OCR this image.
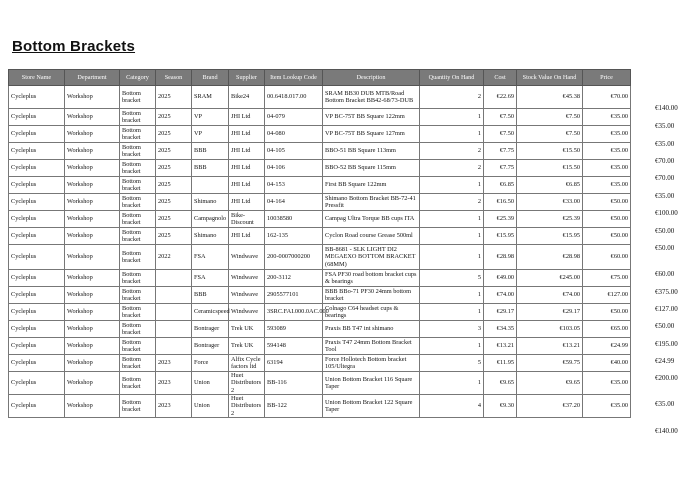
Bottom Brackets
Store Name	Department	Category	Season	Brand	Supplier	Item Lookup Code	Description	Quantity On Hand	Cost	Stock Value On Hand	Price
Cycleplus	Workshop	Bottom bracket	2025	SRAM	Bike24	00.6418.017.00	SRAM BB30 DUB MTB/Road Bottom Bracket BB42-68/73-DUB	2	€22.69	€45.38	€70.00
Cycleplus	Workshop	Bottom bracket	2025	VP	JHI Ltd	04-079	VP BC-75T BB Square 122mm	1	€7.50	€7.50	€35.00
Cycleplus	Workshop	Bottom bracket	2025	VP	JHI Ltd	04-080	VP BC-75T BB Square 127mm	1	€7.50	€7.50	€35.00
Cycleplus	Workshop	Bottom bracket	2025	BBB	JHI Ltd	04-105	BBO-51 BB Square 113mm	2	€7.75	€15.50	€35.00
Cycleplus	Workshop	Bottom bracket	2025	BBB	JHI Ltd	04-106	BBO-52 BB Square 115mm	2	€7.75	€15.50	€35.00
Cycleplus	Workshop	Bottom bracket	2025		JHI Ltd	04-153	First BB Square 122mm	1	€6.85	€6.85	€35.00
Cycleplus	Workshop	Bottom bracket	2025	Shimano	JHI Ltd	04-164	Shimano Bottom Bracket BB-72-41 Pressfit	2	€16.50	€33.00	€50.00
Cycleplus	Workshop	Bottom bracket	2025	Campagnolo	Bike-Discount	10038580	Campag Ultra Torque BB cups ITA	1	€25.39	€25.39	€50.00
Cycleplus	Workshop	Bottom bracket	2025	Shimano	JHI Ltd	162-135	Cyclon Road course Grease 500ml	1	€15.95	€15.95	€50.00
Cycleplus	Workshop	Bottom bracket	2022	FSA	Windwave	200-0007000200	BB-8681 - SLK LIGHT DI2 MEGAEXO BOTTOM BRACKET (68MM)	1	€28.98	€28.98	€60.00
Cycleplus	Workshop	Bottom bracket		FSA	Windwave	200-3112	FSA PF30 road bottom bracket cups & bearings	5	€49.00	€245.00	€75.00
Cycleplus	Workshop	Bottom bracket		BBB	Windwave	2905577101	BBB BBo-71 PF30 24mm bottom bracket	1	€74.00	€74.00	€127.00
Cycleplus	Workshop	Bottom bracket		Ceramicspeed	Windwave	3SRC.FAI.000.0AC.000	Colnago C64 headset cups & bearings	1	€29.17	€29.17	€50.00
Cycleplus	Workshop	Bottom bracket		Bontrager	Trek UK	593089	Praxis BB T47 int shimano	3	€34.35	€103.05	€65.00
Cycleplus	Workshop	Bottom bracket		Bontrager	Trek UK	594148	Praxis T47 24mm Bottom Bracket Tool	1	€13.21	€13.21	€24.99
Cycleplus	Workshop	Bottom bracket	2023	Force	Alfix Cycle factors ltd	63194	Force Hollotech Bottom bracket 105/Ultegra	5	€11.95	€59.75	€40.00
Cycleplus	Workshop	Bottom bracket	2023	Union	Huet Distributors 2	BB-116	Union Bottom Bracket 116 Square Taper	1	€9.65	€9.65	€35.00
Cycleplus	Workshop	Bottom bracket	2023	Union	Huet Distributors 2	BB-122	Union Bottom Bracket 122 Square Taper	4	€9.30	€37.20	€35.00
€140.00
€35.00
€35.00
€70.00
€70.00
€35.00
€100.00
€50.00
€50.00
€60.00
€375.00
€127.00
€50.00
€195.00
€24.99
€200.00
€35.00
€140.00
